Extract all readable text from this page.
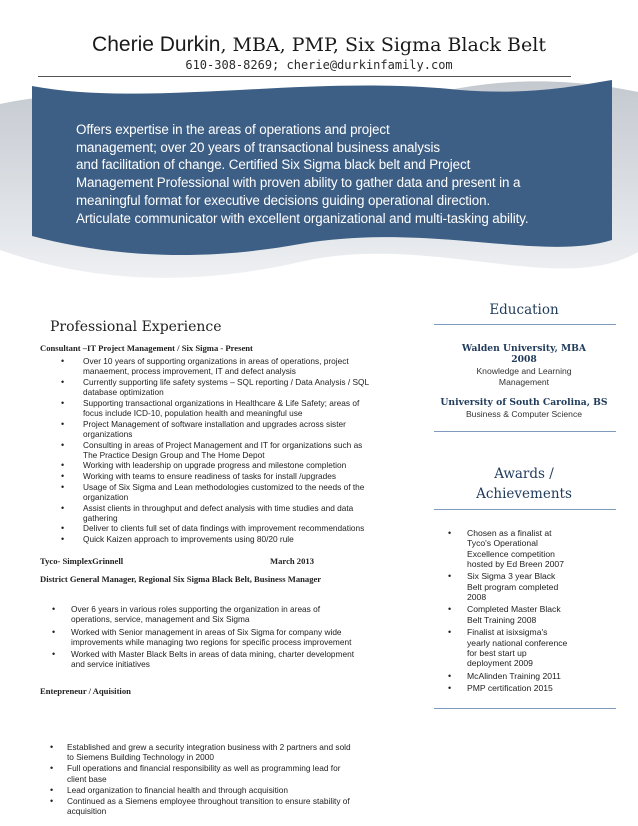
Cherie Durkin, MBA, PMP, Six Sigma Black Belt
610-308-8269; cherie@durkinfamily.com
Offers expertise in the areas of operations and project
management; over 20 years of transactional business analysis
and facilitation of change. Certified Six Sigma black belt and Project
Management Professional with proven ability to gather data and present in a
meaningful format for executive decisions guiding operational direction.
Articulate communicator with excellent organizational and multi-tasking ability.
Professional Experience
Consultant –IT Project Management / Six Sigma - Present
• Over 10 years of supporting organizations in areas of operations, project
manaement, process improvement, IT and defect analysis
• Currently supporting life safety systems – SQL reporting / Data Analysis / SQL
database optimization
• Supporting transactional organizations in Healthcare & Life Safety; areas of
focus include ICD-10, population health and meaningful use
• Project Management of software installation and upgrades across sister
organizations
• Consulting in areas of Project Management and IT for organizations such as
The Practice Design Group and The Home Depot
• Working with leadership on upgrade progress and milestone completion
• Working with teams to ensure readiness of tasks for install /upgrades
• Usage of Six Sigma and Lean methodologies customized to the needs of the
organization
• Assist clients in throughput and defect analysis with time studies and data
gathering
• Deliver to clients full set of data findings with improvement recommendations
• Quick Kaizen approach to improvements using 80/20 rule
Tyco- SimplexGrinnell	March 2013
District General Manager, Regional Six Sigma Black Belt, Business Manager
• Over 6 years in various roles supporting the organization in areas of
operations, service, management and Six Sigma
• Worked with Senior management in areas of Six Sigma for company wide
improvements while managing two regions for specific process improvement
• Worked with Master Black Belts in areas of data mining, charter development
and service initiatives
Entepreneur / Aquisition
• Established and grew a security integration business with 2 partners and sold
to Siemens Building Technology in 2000
• Full operations and financial responsibility as well as programming lead for
client base
• Lead organization to financial health and through acquisition
• Continued as a Siemens employee throughout transition to ensure stability of
acquisition
Education
Walden University, MBA
2008
Knowledge and Learning
Management
University of South Carolina, BS
Business & Computer Science
Awards /
Achievements
• Chosen as a finalist at
Tyco's Operational
Excellence competition
hosted by Ed Breen 2007
• Six Sigma 3 year Black
Belt program completed
2008
• Completed Master Black
Belt Training 2008
• Finalist at isixsigma's
yearly national conference
for best start up
deployment 2009
• McAlinden Training 2011
• PMP certification 2015
